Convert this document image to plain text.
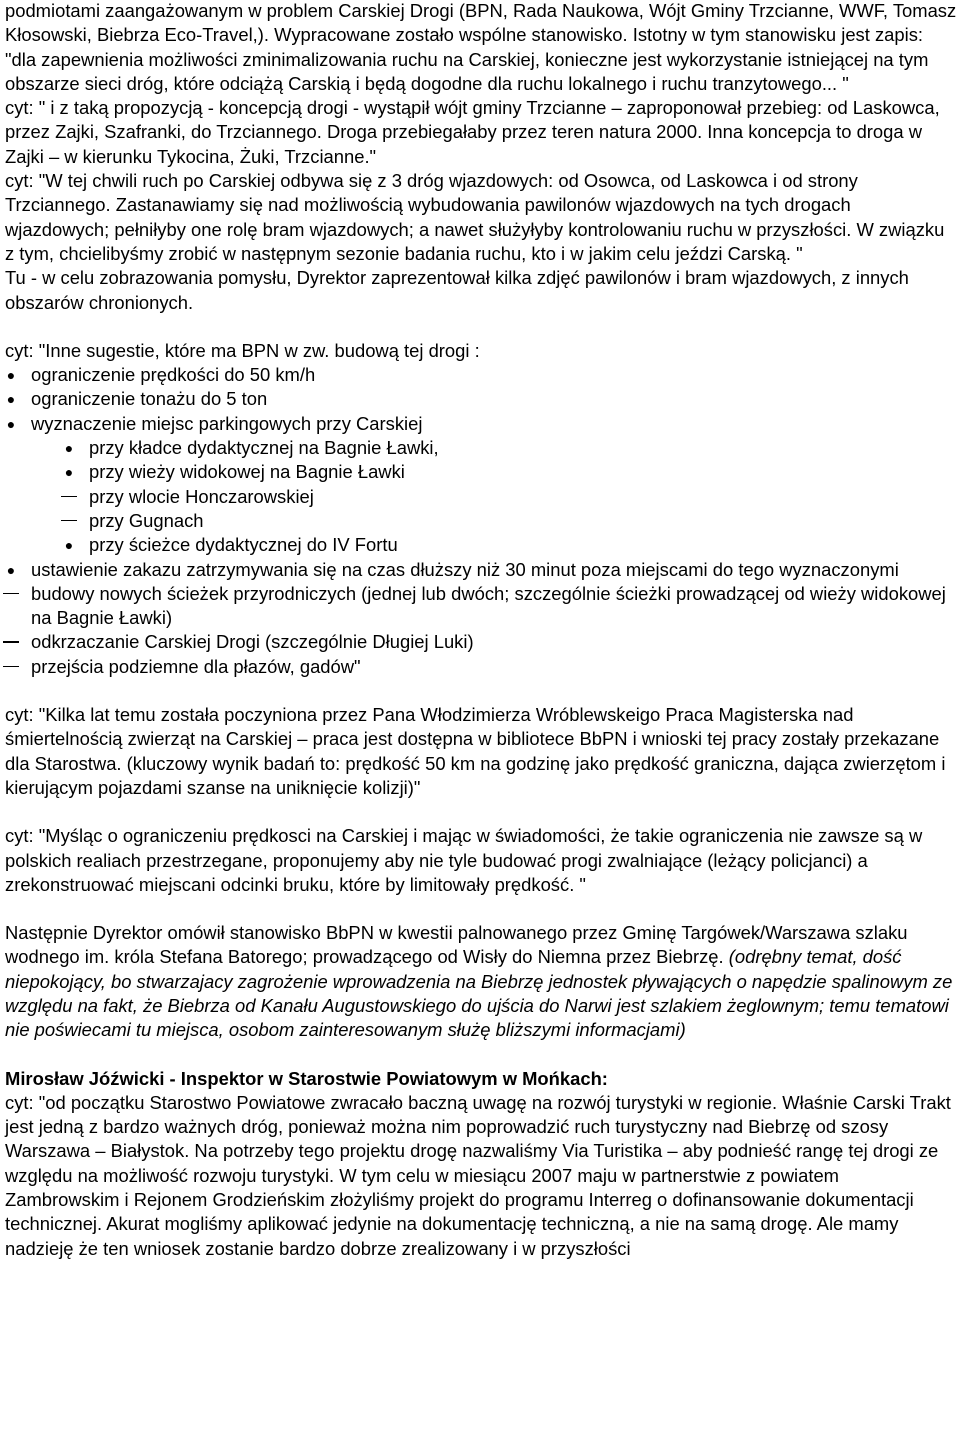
podmiotami zaangażowanym w problem Carskiej Drogi (BPN, Rada Naukowa, Wójt Gminy Trzcianne, WWF, Tomasz Kłosowski, Biebrza Eco-Travel,). Wypracowane zostało wspólne stanowisko. Istotny w tym stanowisku jest zapis: "dla zapewnienia możliwości zminimalizowania ruchu na Carskiej, konieczne jest wykorzystanie istniejącej na tym obszarze sieci dróg, które odciążą Carskią i będą dogodne dla ruchu lokalnego i ruchu tranzytowego... "

cyt: " i z taką propozycją - koncepcją drogi - wystąpił wójt gminy Trzcianne – zaproponował przebieg: od Laskowca, przez Zajki, Szafranki, do Trzciannego. Droga przebiegałaby przez teren natura 2000. Inna koncepcja to droga w Zajki – w kierunku Tykocina, Żuki, Trzcianne."

cyt: "W tej chwili ruch po Carskiej odbywa się z 3 dróg wjazdowych: od Osowca, od Laskowca i od strony Trzciannego. Zastanawiamy się nad możliwością wybudowania pawilonów wjazdowych na tych drogach wjazdowych; pełniłyby one rolę bram wjazdowych; a nawet służyłyby kontrolowaniu ruchu w przyszłości. W związku z tym, chcielibyśmy zrobić w następnym sezonie badania ruchu, kto i w jakim celu jeździ Carską. "

Tu - w celu zobrazowania pomysłu, Dyrektor zaprezentował kilka zdjęć pawilonów i bram wjazdowych, z innych obszarów chronionych.

cyt: "Inne sugestie, które ma BPN w zw. budową tej drogi :

● ograniczenie prędkości do 50 km/h
● ograniczenie tonażu do 5 ton
● wyznaczenie miejsc parkingowych przy Carskiej
● przy kładce dydaktycznej na Bagnie Ławki,
● przy wieży widokowej na Bagnie Ławki
przy wlocie Honczarowskiej
przy Gugnach
● przy ścieżce dydaktycznej do IV Fortu
● ustawienie zakazu zatrzymywania się na czas dłuższy niż 30 minut poza miejscami do tego wyznaczonymi
budowy nowych ścieżek przyrodniczych (jednej lub dwóch; szczególnie ścieżki prowadzącej od wieży widokowej na Bagnie Ławki)
odkrzaczanie Carskiej Drogi (szczególnie Długiej Luki)
przejścia podziemne dla płazów, gadów"

cyt: "Kilka lat temu została poczyniona przez Pana Włodzimierza Wróblewskeigo Praca Magisterska nad śmiertelnością zwierząt na Carskiej – praca jest dostępna w bibliotece BbPN i wnioski tej pracy zostały przekazane dla Starostwa. (kluczowy wynik badań to: prędkość 50 km na godzinę jako prędkość graniczna, dająca zwierzętom i kierującym pojazdami szanse na uniknięcie kolizji)"

cyt: "Myśląc o ograniczeniu prędkosci na Carskiej i mając w świadomości, że takie ograniczenia nie zawsze są w polskich realiach przestrzegane, proponujemy aby nie tyle budować progi zwalniające (leżący policjanci) a zrekonstruować miejscani odcinki bruku, które by limitowały prędkość. "

Następnie Dyrektor omówił stanowisko BbPN w kwestii palnowanego przez Gminę Targówek/Warszawa szlaku wodnego im. króla Stefana Batorego; prowadzącego od Wisły do Niemna przez Biebrzę. (odrębny temat, dość niepokojący, bo stwarzajacy zagrożenie wprowadzenia na Biebrzę jednostek pływających o napędzie spalinowym ze względu na fakt, że Biebrza od Kanału Augustowskiego do ujścia do Narwi jest szlakiem żeglownym; temu tematowi nie poświecami tu miejsca, osobom zainteresowanym służę bliższymi informacjami)

Mirosław Jóźwicki - Inspektor w Starostwie Powiatowym w Mońkach:

cyt: "od początku Starostwo Powiatowe zwracało baczną uwagę na rozwój turystyki w regionie. Właśnie Carski Trakt jest jedną z bardzo ważnych dróg, ponieważ można nim poprowadzić ruch turystyczny nad Biebrzę od szosy Warszawa – Białystok. Na potrzeby tego projektu drogę nazwaliśmy Via Turistika – aby podnieść rangę tej drogi ze względu na możliwość rozwoju turystyki. W tym celu w miesiącu 2007 maju w partnerstwie z powiatem Zambrowskim i Rejonem Grodzieńskim złożyliśmy projekt do programu Interreg o dofinansowanie dokumentacji technicznej. Akurat mogliśmy aplikować jedynie na dokumentację techniczną, a nie na samą drogę. Ale mamy nadzieję że ten wniosek zostanie bardzo dobrze zrealizowany i w przyszłości
